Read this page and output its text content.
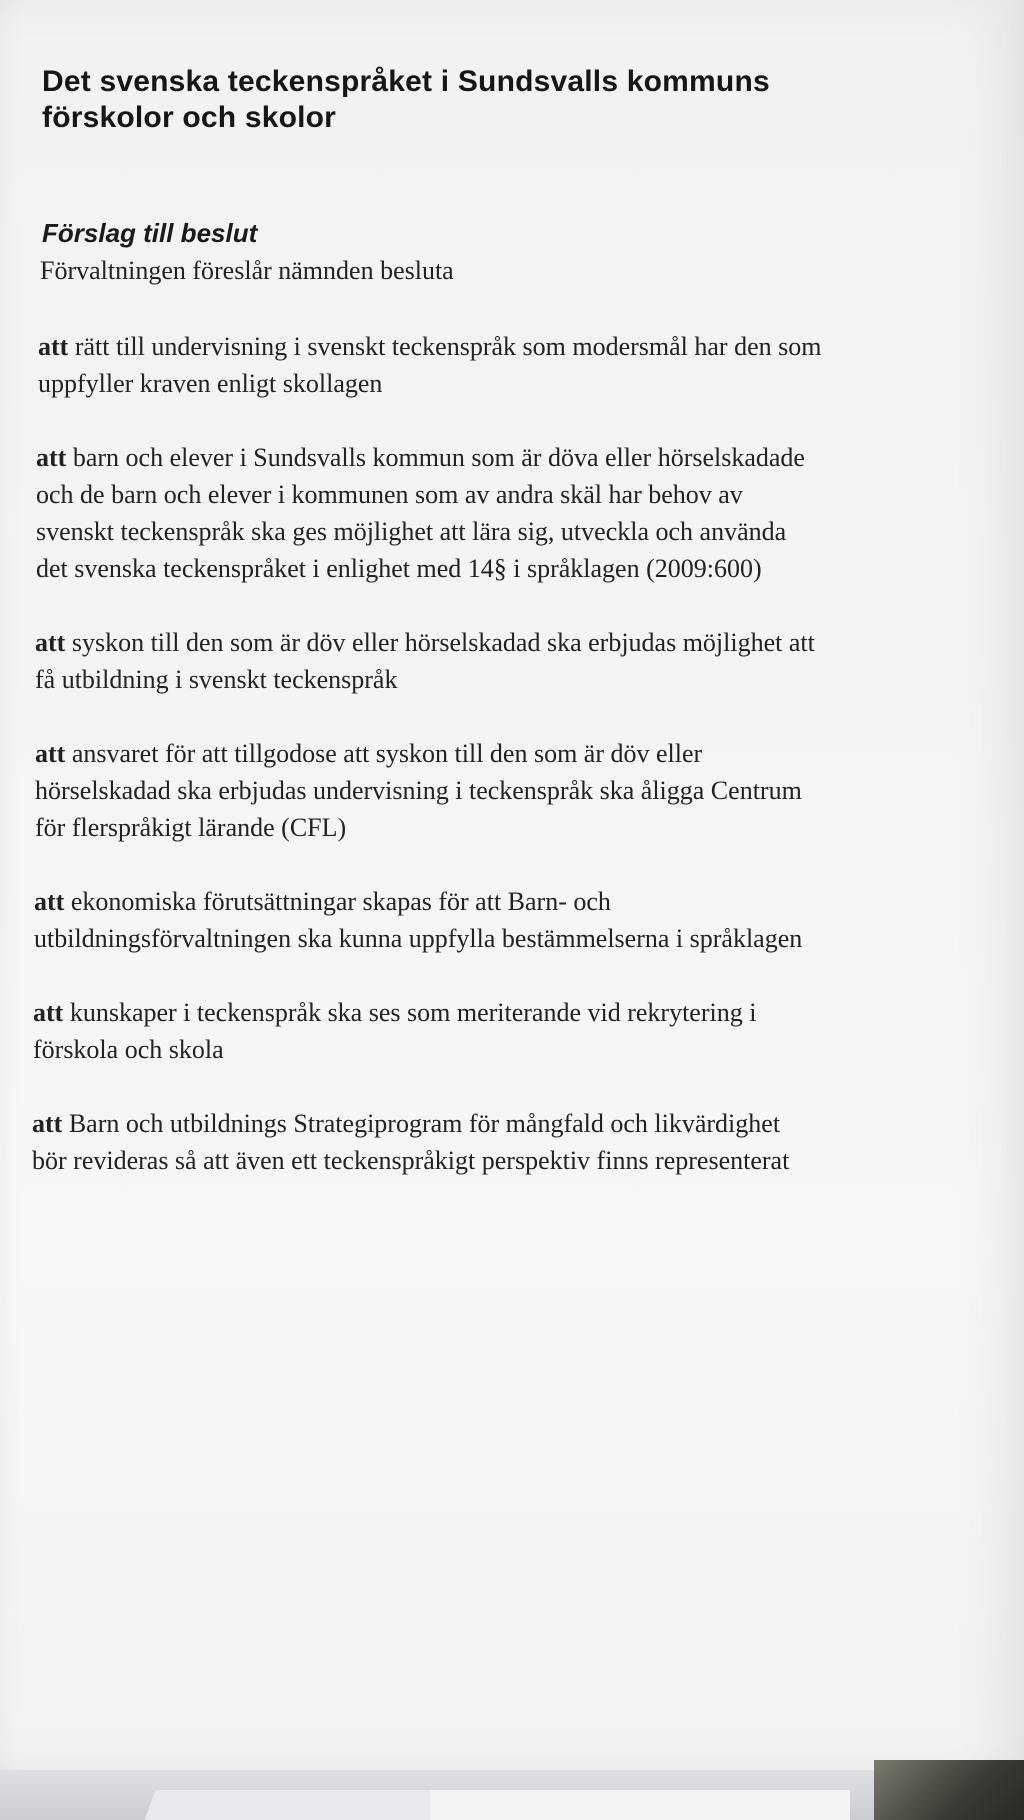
Det svenska teckenspråket i Sundsvalls kommuns
förskolor och skolor
Förslag till beslut

Förvaltningen föreslår nämnden besluta

att rätt till undervisning i svenskt teckenspråk som modersmål har den som
uppfyller kraven enligt skollagen

att barn och elever i Sundsvalls kommun som är döva eller hörselskadade
och de barn och elever i kommunen som av andra skäl har behov av
svenskt teckenspråk ska ges möjlighet att lära sig, utveckla och använda
det svenska teckenspråket i enlighet med 14§ i språklagen (2009:600)

att syskon till den som är döv eller hörselskadad ska erbjudas möjlighet att
få utbildning i svenskt teckenspråk

att ansvaret för att tillgodose att syskon till den som är döv eller
hörselskadad ska erbjudas undervisning i teckenspråk ska åligga Centrum
för flerspråkigt lärande (CFL)

att ekonomiska förutsättningar skapas för att Barn- och
utbildningsförvaltningen ska kunna uppfylla bestämmelserna i språklagen

att kunskaper i teckenspråk ska ses som meriterande vid rekrytering i
förskola och skola

att Barn och utbildnings Strategiprogram för mångfald och likvärdighet
bör revideras så att även ett teckenspråkigt perspektiv finns representerat
